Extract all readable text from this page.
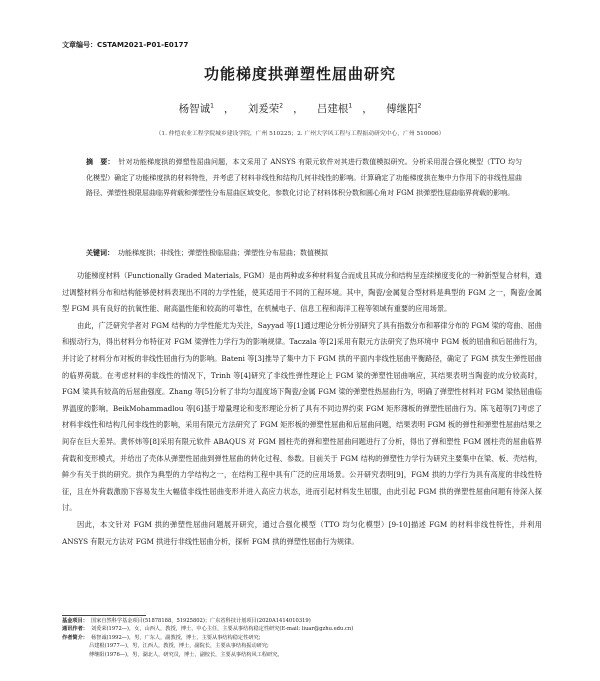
文章编号：CSTAM2021-P01-E0177
功能梯度拱弹塑性屈曲研究
杨智诚$^1$ ， 刘爰荣$^2$ ， 吕建根$^1$ ， 傅继阳$^2$
（1. 仲恺农业工程学院城乡建设学院，广州 510225；2. 广州大学风工程与工程振动研究中心，广州 510006）
摘　要： 针对功能梯度拱的弹塑性屈曲问题，本文采用了 ANSYS 有限元软件对其进行数值模拟研究。分析采用混合强化模型（TTO 均匀化模型）确定了功能梯度拱的材料特性，并考虑了材料非线性和结构几何非线性的影响。计算确定了功能梯度拱在集中力作用下的非线性屈曲路径、弹塑性极限屈曲临界荷载和弹塑性分布屈曲区域变化，参数化讨论了材料体积分数和圆心角对 FGM 拱弹塑性屈曲临界荷载的影响。
关键词： 功能梯度拱；非线性；弹塑性极临屈曲；弹塑性分布屈曲；数值模拟

功能梯度材料（Functionally Graded Materials, FGM）是由两种或多种材料复合而成且其成分和结构呈连续梯度变化的一种新型复合材料，通过调整材料分布和结构能够使材料表现出不同的力学性能，使其适用于不同的工程环境。其中，陶瓷/金属复合型材料是典型的 FGM 之一，陶瓷/金属型 FGM 具有良好的抗氧性能、耐高温性能和较高的可靠性，在机械电子、信息工程和海洋工程等领域有重要的应用场景。

由此，广泛研究学者对 FGM 结构的力学性能尤为关注，Sayyad 等[1]通过理论分析分别研究了具有指数分布和幂律分布的 FGM 梁的弯曲、屈曲和振动行为，得出材料分布特征对 FGM 梁弹性力学行为的影响规律。Taczala 等[2]采用有限元方法研究了热环境中 FGM 板的屈曲和后屈曲行为，并讨论了材料分布对板的非线性屈曲行为的影响。Bateni 等[3]推导了集中力下 FGM 拱的平面内非线性屈曲平衡路径，确定了 FGM 拱发生弹性屈曲的临界荷载。在考虑材料的非线性的情况下，Trinh 等[4]研究了非线性弹性理论上 FGM 梁的弹塑性屈曲响应，其结果表明当陶瓷的成分较高时，FGM 梁具有较高的后屈曲强度。Zhang 等[5]分析了非均匀温度场下陶瓷/金属 FGM 梁的弹塑性热屈曲行为，明确了弹塑性材料对 FGM 梁热屈曲临界温度的影响。BeikMohammadlou 等[6]基于增量理论和变形理论分析了具有不同边界约束 FGM 矩形薄板的弹塑性屈曲行为。陈飞超等[7]考虑了材料非线性和结构几何非线性的影响，采用有限元方法研究了 FGM 矩形板的弹塑性屈曲和后屈曲问题，结果表明 FGM 板的弹性和弹塑性屈曲结果之间存在巨大差异。黄怀炜等[8]采用有限元软件 ABAQUS 对 FGM 圆柱壳的弹和塑性屈曲问题进行了分析，得出了弹和塑性 FGM 圆柱壳的屈曲临界荷载和变形模式，并给出了壳体从弹塑性屈曲到弹性屈曲的转化过程、参数。目前关于 FGM 结构的弹塑性力学行为研究主要集中在梁、板、壳结构，鲜少有关于拱的研究。拱作为典型的力学结构之一，在结构工程中具有广泛的应用场景。公开研究表明[9]，FGM 拱的力学行为具有高度的非线性特征，且在外荷载激励下容易发生大幅值非线性屈曲变形并进入高应力状态，进而引起材料发生屈服，由此引起 FGM 拱的弹塑性屈曲问题有待深入探讨。

因此，本文针对 FGM 拱的弹塑性屈曲问题展开研究，通过合强化模型（TTO 均匀化模型）[9-10]描述 FGM 的材料非线性特性，并利用 ANSYS 有限元方法对 FGM 拱进行非线性屈曲分析，探析 FGM 拱的弹塑性屈曲行为规律。

基金项目： 国家自然科学基金项目(51878188，51925802)；广东省科技计划项目(2020A1414010319)
通讯作者： 刘爰荣(1972—)，女，山西人，教授，博士，中心主任，主要从事结构稳定性研究(E-mail: liuar@gzhu.edu.cn)
作者简介： 杨智诚(1992—)，男，广东人，副教授，博士，主要从事结构稳定性研究;
吕建根(1977—)，男，江西人，教授，博士，副院长，主要从事结构振动研究;
傅继阳(1976—)，男，湖北人，研究员，博士，副校长，主要从事结构风工程研究。
